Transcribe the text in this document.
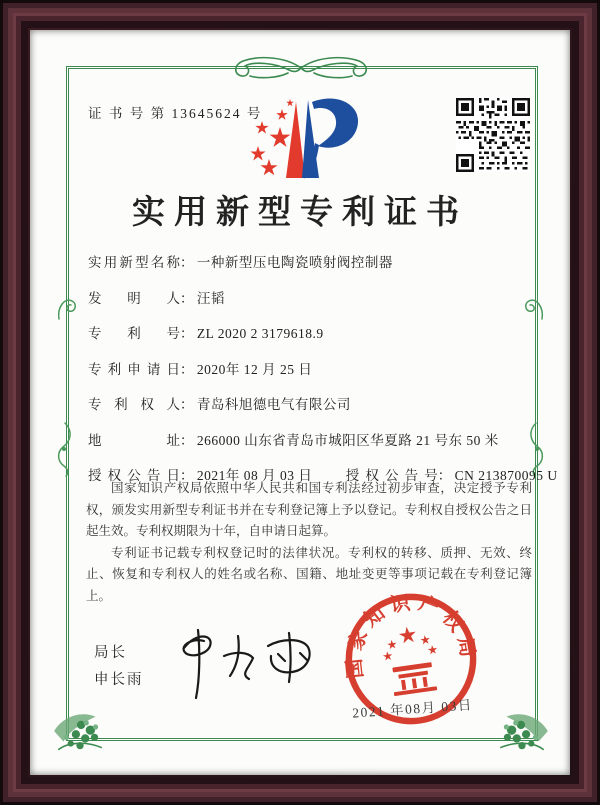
证 书 号 第 13645624 号
实用新型专利证书
实用新型名称： 一种新型压电陶瓷喷射阀控制器
发明人： 汪韬
专利号： ZL 2020 2 3179618.9
专利申请日： 2020年 12 月 25 日
专利权人： 青岛科旭德电气有限公司
地址： 266000 山东省青岛市城阳区华夏路 21 号东 50 米
授权公告日： 2021年 08 月 03 日 授权公告号： CN 213870095 U

国家知识产权局依照中华人民共和国专利法经过初步审查，决定授予专利权，颁发实用新型专利证书并在专利登记簿上予以登记。专利权自授权公告之日起生效。专利权期限为十年，自申请日起算。

专利证书记载专利权登记时的法律状况。专利权的转移、质押、无效、终止、恢复和专利权人的姓名或名称、国籍、地址变更等事项记载在专利登记簿上。

局长
申长雨
国家知识产权局
2021 年08月 03日
